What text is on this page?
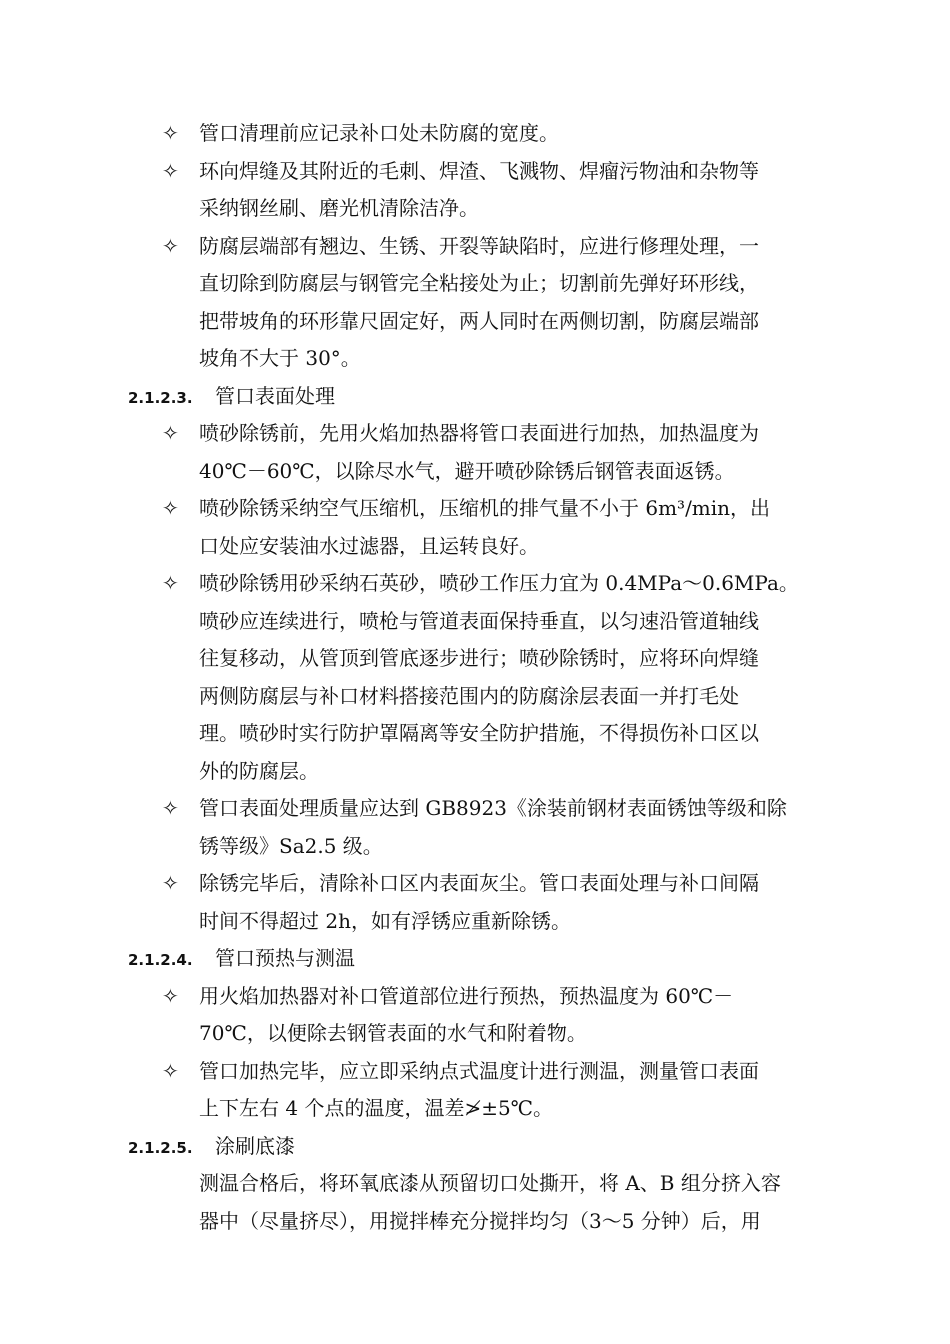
✧ 管口清理前应记录补口处未防腐的宽度。
✧ 环向焊缝及其附近的毛刺、焊渣、飞溅物、焊瘤污物油和杂物等
采纳钢丝刷、磨光机清除洁净。
✧ 防腐层端部有翘边、生锈、开裂等缺陷时，应进行修理处理，一
直切除到防腐层与钢管完全粘接处为止；切割前先弹好环形线，
把带坡角的环形靠尺固定好，两人同时在两侧切割，防腐层端部
坡角不大于 30°。
2.1.2.3. 管口表面处理
✧ 喷砂除锈前，先用火焰加热器将管口表面进行加热，加热温度为
40℃－60℃，以除尽水气，避开喷砂除锈后钢管表面返锈。
✧ 喷砂除锈采纳空气压缩机，压缩机的排气量不小于 6m³/min，出
口处应安装油水过滤器，且运转良好。
✧ 喷砂除锈用砂采纳石英砂，喷砂工作压力宜为 0.4MPa～0.6MPa。
喷砂应连续进行，喷枪与管道表面保持垂直，以匀速沿管道轴线
往复移动，从管顶到管底逐步进行；喷砂除锈时，应将环向焊缝
两侧防腐层与补口材料搭接范围内的防腐涂层表面一并打毛处
理。喷砂时实行防护罩隔离等安全防护措施，不得损伤补口区以
外的防腐层。
✧ 管口表面处理质量应达到 GB8923《涂装前钢材表面锈蚀等级和除
锈等级》Sa2.5 级。
✧ 除锈完毕后，清除补口区内表面灰尘。管口表面处理与补口间隔
时间不得超过 2h，如有浮锈应重新除锈。
2.1.2.4. 管口预热与测温
✧ 用火焰加热器对补口管道部位进行预热，预热温度为 60℃－
70℃，以便除去钢管表面的水气和附着物。
✧ 管口加热完毕，应立即采纳点式温度计进行测温，测量管口表面
上下左右 4 个点的温度，温差≯±5℃。
2.1.2.5. 涂刷底漆
测温合格后，将环氧底漆从预留切口处撕开，将 A、B 组分挤入容
器中（尽量挤尽），用搅拌棒充分搅拌均匀（3～5 分钟）后，用
